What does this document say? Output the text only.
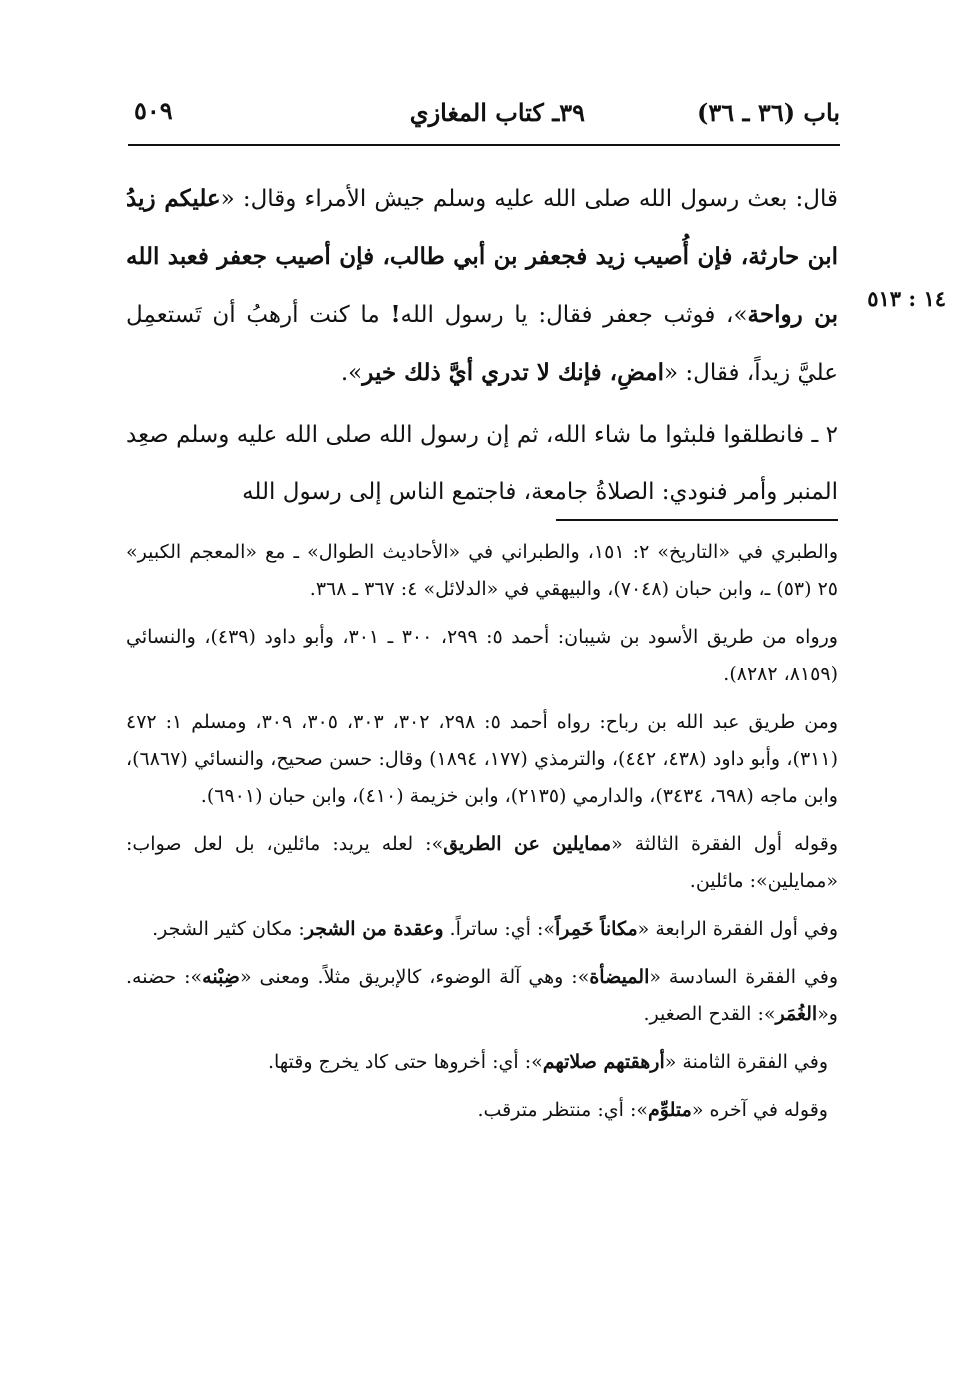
باب (٣٦ ـ ٣٦)
٣٩ـ كتاب المغازي
٥٠٩
١٤ : ٥١٣

قال: بعث رسول الله صلى الله عليه وسلم جيش الأمراء وقال: «عليكم زيدُ ابن حارثة، فإن أُصيب زيد فجعفر بن أبي طالب، فإن أصيب جعفر فعبد الله بن رواحة»، فوثب جعفر فقال: يا رسول الله! ما كنت أرهبُ أن تَستعمِل عليَّ زيداً، فقال: «امضِ، فإنك لا تدري أيَّ ذلك خير».

٢ ـ فانطلقوا فلبثوا ما شاء الله، ثم إن رسول الله صلى الله عليه وسلم صعِد المنبر وأمر فنودي: الصلاةُ جامعة، فاجتمع الناس إلى رسول الله

والطبري في «التاريخ» ٢: ١٥١، والطبراني في «الأحاديث الطوال» ـ مع «المعجم الكبير» ٢٥ (٥٣) ـ، وابن حبان (٧٠٤٨)، والبيهقي في «الدلائل» ٤: ٣٦٧ ـ ٣٦٨.

ورواه من طريق الأسود بن شيبان: أحمد ٥: ٢٩٩، ٣٠٠ ـ ٣٠١، وأبو داود (٤٣٩)، والنسائي (٨١٥٩، ٨٢٨٢).

ومن طريق عبد الله بن رباح: رواه أحمد ٥: ٢٩٨، ٣٠٢، ٣٠٣، ٣٠٥، ٣٠٩، ومسلم ١: ٤٧٢ (٣١١)، وأبو داود (٤٣٨، ٤٤٢)، والترمذي (١٧٧، ١٨٩٤) وقال: حسن صحيح، والنسائي (٦٨٦٧)، وابن ماجه (٦٩٨، ٣٤٣٤)، والدارمي (٢١٣٥)، وابن خزيمة (٤١٠)، وابن حبان (٦٩٠١).

وقوله أول الفقرة الثالثة «ممايلين عن الطريق»: لعله يريد: مائلين، بل لعل صواب: «ممايلين»: مائلين.

وفي أول الفقرة الرابعة «مكاناً خَمِراً»: أي: ساتراً. وعقدة من الشجر: مكان كثير الشجر.

وفي الفقرة السادسة «الميضأة»: وهي آلة الوضوء، كالإبريق مثلاً. ومعنى «ضِبْنه»: حضنه. و«الغُمَر»: القدح الصغير.

وفي الفقرة الثامنة «أرهقتهم صلاتهم»: أي: أخروها حتى كاد يخرج وقتها.

وقوله في آخره «متلوِّم»: أي: منتظر مترقب.
